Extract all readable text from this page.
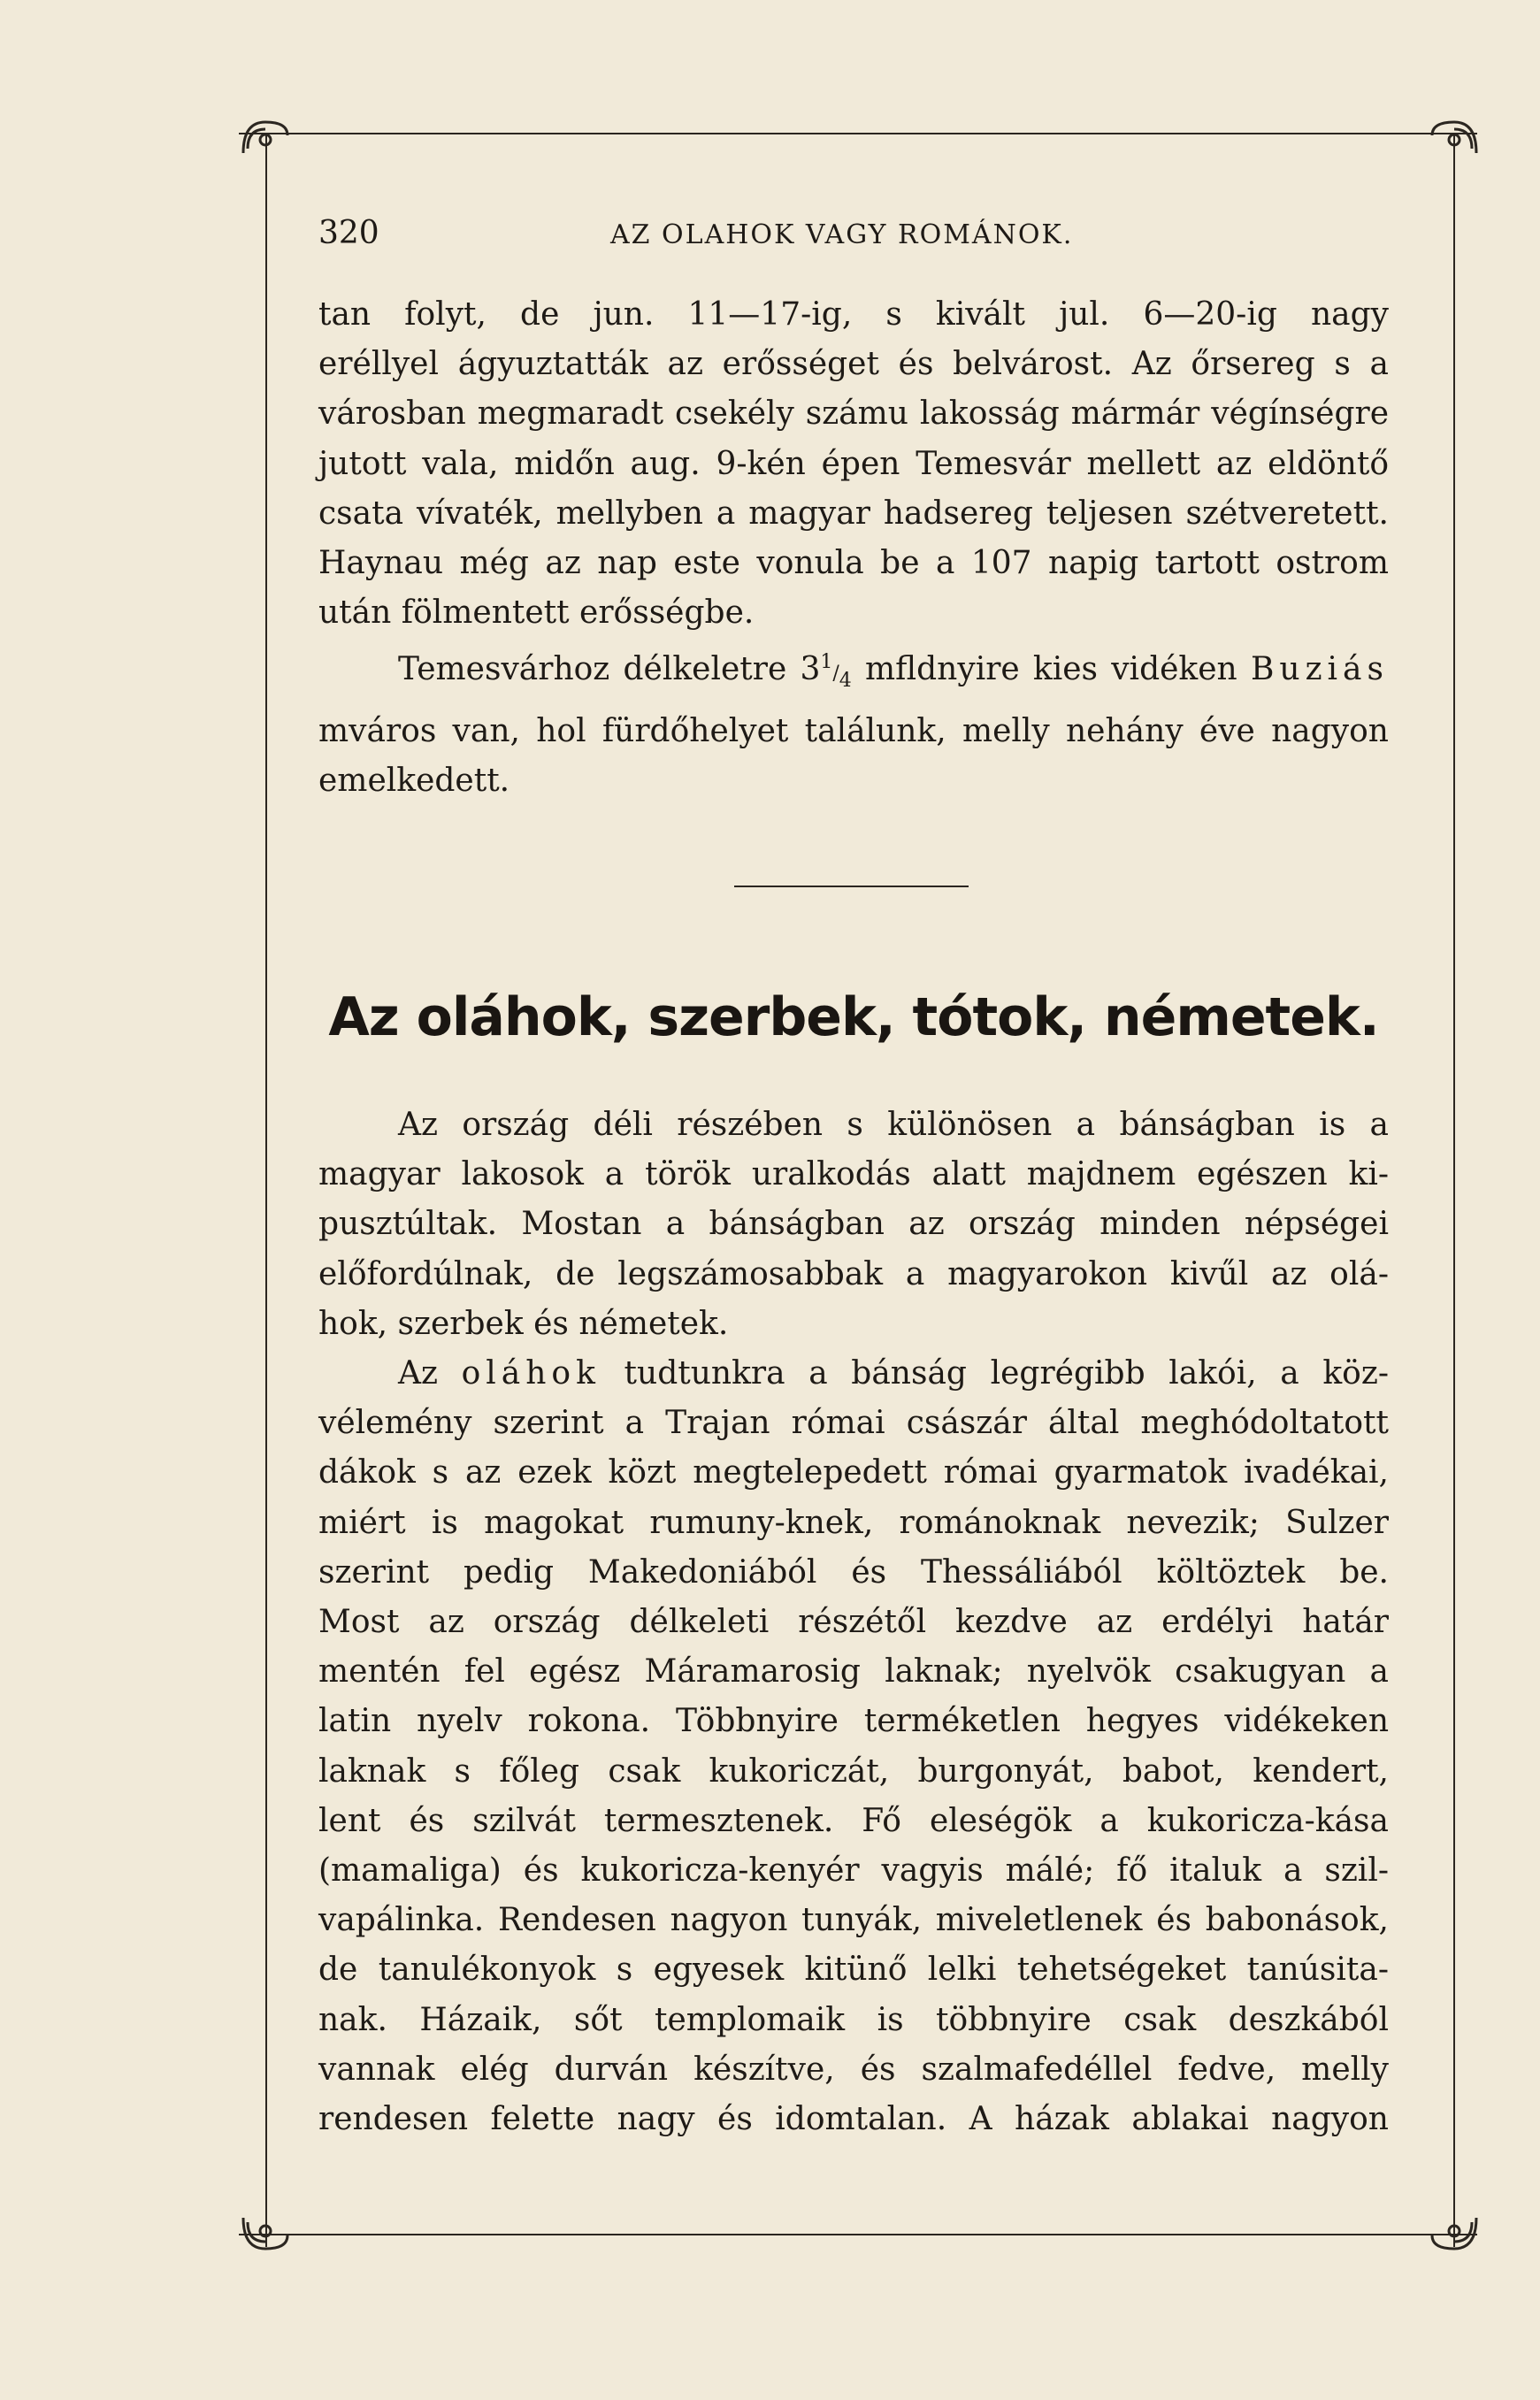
320	AZ OLAHOK VAGY ROMÁNOK.

tan folyt, de jun. 11—17-ig, s kivált jul. 6—20-ig nagy

eréllyel ágyuztatták az erősséget és belvárost. Az őrsereg s a

városban megmaradt csekély számu lakosság mármár végínségre

jutott vala, midőn aug. 9-kén épen Temesvár mellett az eldöntő

csata vívaték, mellyben a magyar hadsereg teljesen szétveretett.

Haynau még az nap este vonula be a 107 napig tartott ostrom

után fölmentett erősségbe.

Temesvárhoz délkeletre $3^1/_4$ mfldnyire kies vidéken Buziás

mváros van, hol fürdőhelyet találunk, melly nehány éve nagyon

emelkedett.

Az oláhok, szerbek, tótok, németek.

Az ország déli részében s különösen a bánságban is a

magyar lakosok a török uralkodás alatt majdnem egészen ki-

pusztúltak. Mostan a bánságban az ország minden népségei

előfordúlnak, de legszámosabbak a magyarokon kivűl az olá-

hok, szerbek és németek.

Az oláhok tudtunkra a bánság legrégibb lakói, a köz-

vélemény szerint a Trajan római császár által meghódoltatott

dákok s az ezek közt megtelepedett római gyarmatok ivadékai,

miért is magokat rumuny-knek, románoknak nevezik; Sulzer

szerint pedig Makedoniából és Thessáliából költöztek be.

Most az ország délkeleti részétől kezdve az erdélyi határ

mentén fel egész Máramarosig laknak; nyelvök csakugyan a

latin nyelv rokona. Többnyire terméketlen hegyes vidékeken

laknak s főleg csak kukoriczát, burgonyát, babot, kendert,

lent és szilvát termesztenek. Fő eleségök a kukoricza-kása

(mamaliga) és kukoricza-kenyér vagyis málé; fő italuk a szil-

vapálinka. Rendesen nagyon tunyák, miveletlenek és babonások,

de tanulékonyok s egyesek kitünő lelki tehetségeket tanúsita-

nak. Házaik, sőt templomaik is többnyire csak deszkából

vannak elég durván készítve, és szalmafedéllel fedve, melly

rendesen felette nagy és idomtalan. A házak ablakai nagyon
